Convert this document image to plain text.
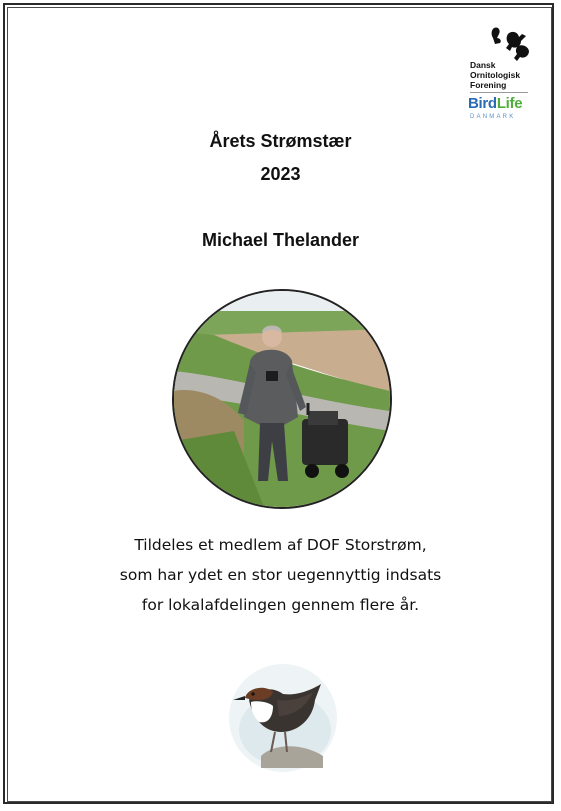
Dansk
Ornitologisk
Forening
BirdLife
DANMARK
Årets Strømstær
2023
Michael Thelander
Tildeles et medlem af DOF Storstrøm,
som har ydet en stor uegennyttig indsats
for lokalafdelingen gennem flere år.
